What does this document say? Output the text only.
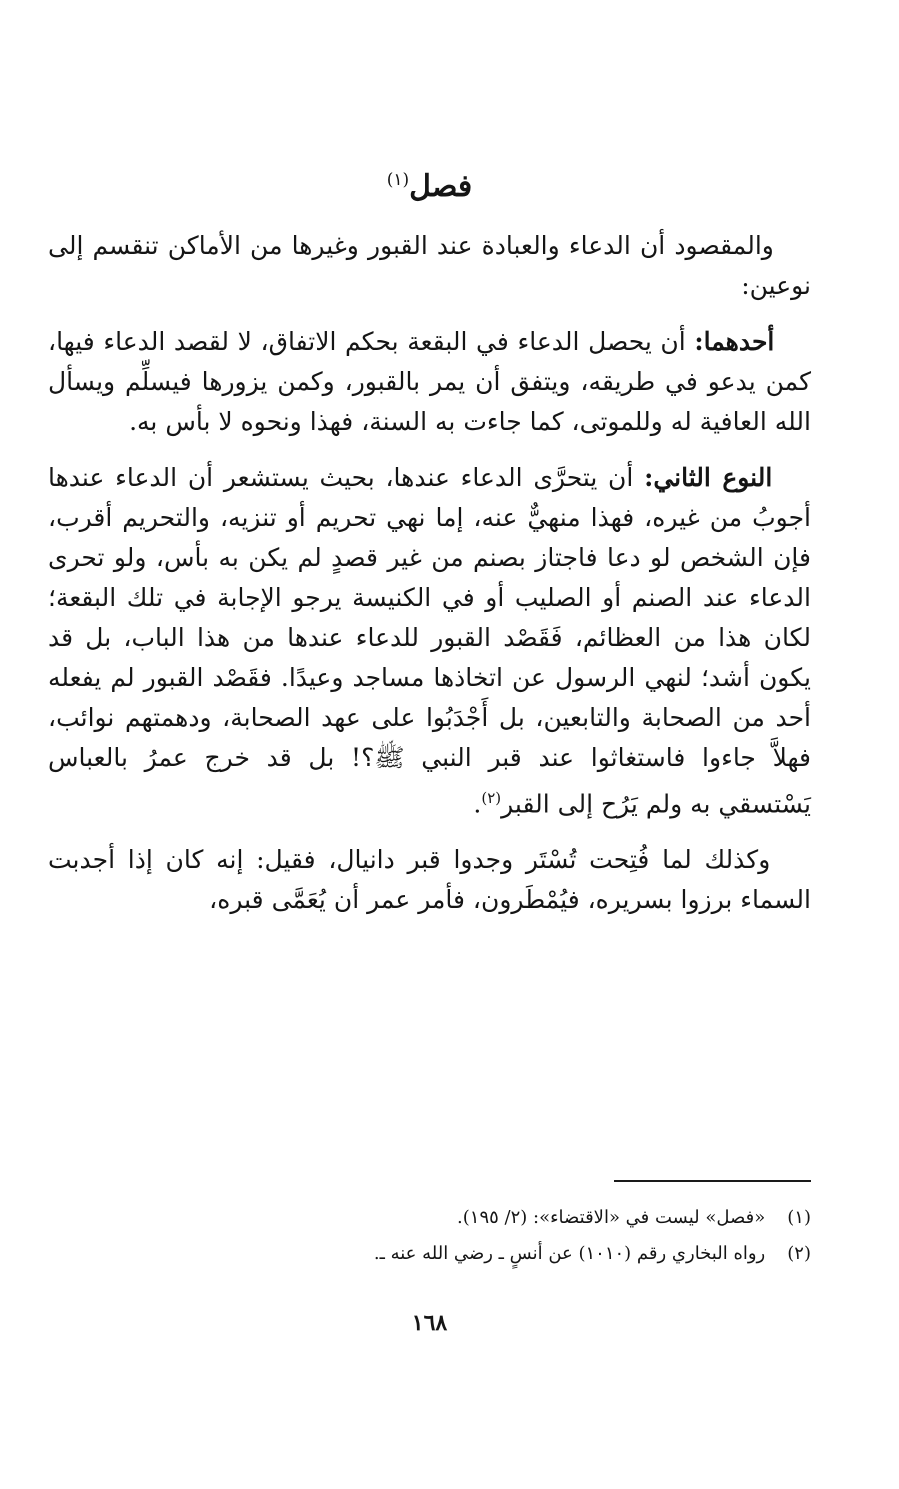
فصل$^{(١)}$

والمقصود أن الدعاء والعبادة عند القبور وغيرها من الأماكن تنقسم إلى نوعين:

أحدهما: أن يحصل الدعاء في البقعة بحكم الاتفاق، لا لقصد الدعاء فيها، كمن يدعو في طريقه، ويتفق أن يمر بالقبور، وكمن يزورها فيسلِّم ويسأل الله العافية له وللموتى، كما جاءت به السنة، فهذا ونحوه لا بأس به.

النوع الثاني: أن يتحرَّى الدعاء عندها، بحيث يستشعر أن الدعاء عندها أجوبُ من غيره، فهذا منهيٌّ عنه، إما نهي تحريم أو تنزيه، والتحريم أقرب، فإن الشخص لو دعا فاجتاز بصنم من غير قصدٍ لم يكن به بأس، ولو تحرى الدعاء عند الصنم أو الصليب أو في الكنيسة يرجو الإجابة في تلك البقعة؛ لكان هذا من العظائم، فَقَصْد القبور للدعاء عندها من هذا الباب، بل قد يكون أشد؛ لنهي الرسول عن اتخاذها مساجد وعيدًا. فقَصْد القبور لم يفعله أحد من الصحابة والتابعين، بل أَجْدَبُوا على عهد الصحابة، ودهمتهم نوائب، فهلاَّ جاءوا فاستغاثوا عند قبر النبي ﷺ؟! بل قد خرج عمرُ بالعباس يَسْتسقي به ولم يَرُح إلى القبر$^{(٢)}$.

وكذلك لما فُتِحت تُسْتَر وجدوا قبر دانيال، فقيل: إنه كان إذا أجدبت السماء برزوا بسريره، فيُمْطَرون، فأمر عمر أن يُعَمَّى قبره،

(١) «فصل» ليست في «الاقتضاء»: (٢/ ١٩٥).
(٢) رواه البخاري رقم (١٠١٠) عن أنسٍ ـ رضي الله عنه ـ.
١٦٨
